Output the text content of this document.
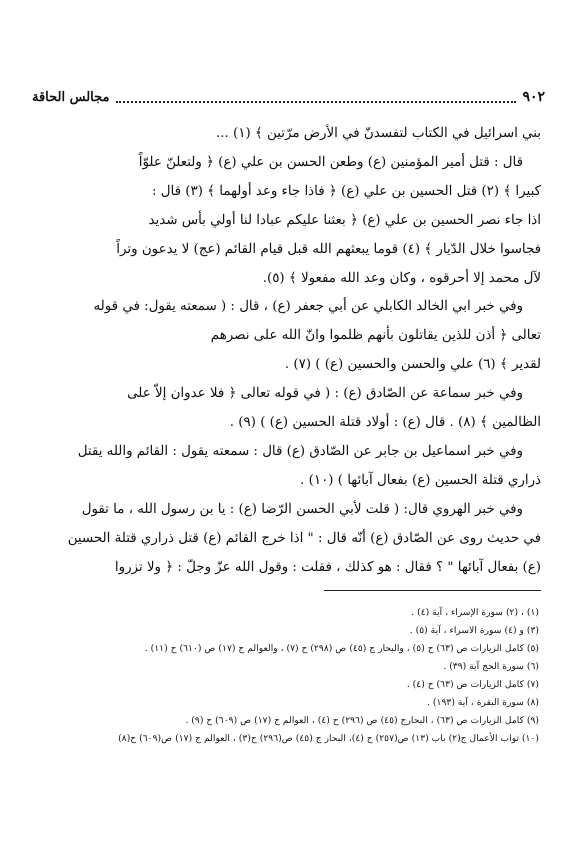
٩٠٢
مجالس الحاقة

بني اسرائيل في الكتاب لتفسدنّ في الأرض مرّتين ﴾ (١) ...

قال : قتل أمير المؤمنين (ع) وطعن الحسن بن علي (ع) ﴿ ولتعلنّ علوّاً

كبيرا ﴾ (٢) قتل الحسين بن علي (ع) ﴿ فاذا جاء وعد أولهما ﴾ (٣) قال :

اذا جاء نصر الحسين بن علي (ع) ﴿ بعثنا عليكم عبادا لنا أولي بأس شديد

فجاسوا خلال الدّيار ﴾ (٤) قوما يبعثهم الله قبل قيام القائم (عج) لا يدعون وتراً

لآل محمد إلا أحرقوه ، وكان وعد الله مفعولا ﴾ (٥).

وفي خبر ابي الخالد الكابلي عن أبي جعفر (ع) ، قال : ( سمعته يقول: في قوله

تعالى ﴿ أذن للذين يقاتلون بأنهم ظلموا وانّ الله على نصرهم

لقدير ﴾ (٦) علي والحسن والحسين (ع) ) (٧) .

وفي خبر سماعة عن الصّادق (ع) : ( في قوله تعالى ﴿ فلا عدوان إلاّ على

الظالمين ﴾ (٨) . قال (ع) : أولاد قتلة الحسين (ع) ) (٩) .

وفي خبر اسماعيل بن جابر عن الصّادق (ع) قال : سمعته يقول : القائم والله يقتل

ذراري قتلة الحسين (ع) بفعال آبائها ) (١٠) .

وفي خبر الهروي قال: ( قلت لأبي الحسن الرّضا (ع) : يا بن رسول الله ، ما تقول

في حديث روى عن الصّادق (ع) أنّه قال : " اذا خرج القائم (ع) قتل ذراري قتلة الحسين

(ع) بفعال آبائها " ؟ فقال : هو كذلك ، فقلت : وقول الله عزّ وجلّ : ﴿ ولا تزروا

(١) ، (٢) سورة الإسراء ، آية (٤) .
(٣) و (٤) سورة الاسراء ، آية (٥) .
(٥) كامل الزيارات ص (٦٣) ح (٥) ، والبحار ج (٤٥) ص (٢٩٨) ح (٧) ، والعوالم ج (١٧) ص (٦١٠) ح (١١) .
(٦) سورة الحج آية (٣٩) .
(٧) كامل الزيارات ص (٦٣) ح (٤) .
(٨) سورة البقرة ، آية (١٩٣) .
(٩) كامل الزيارات ص (٦٣) ، البحارج (٤٥) ص (٢٩٦) ح (٤) ، العوالم ج (١٧) ص (٦٠٩) ح (٩) .
(١٠) ثواب الأعمال ج(٢) باب (١٣) ص(٢٥٧) ح (٤)، البحار ج (٤٥) ص(٢٩٦) ح(٣) ، العوالم ج (١٧) ص(٦٠٩) ح(٨)
